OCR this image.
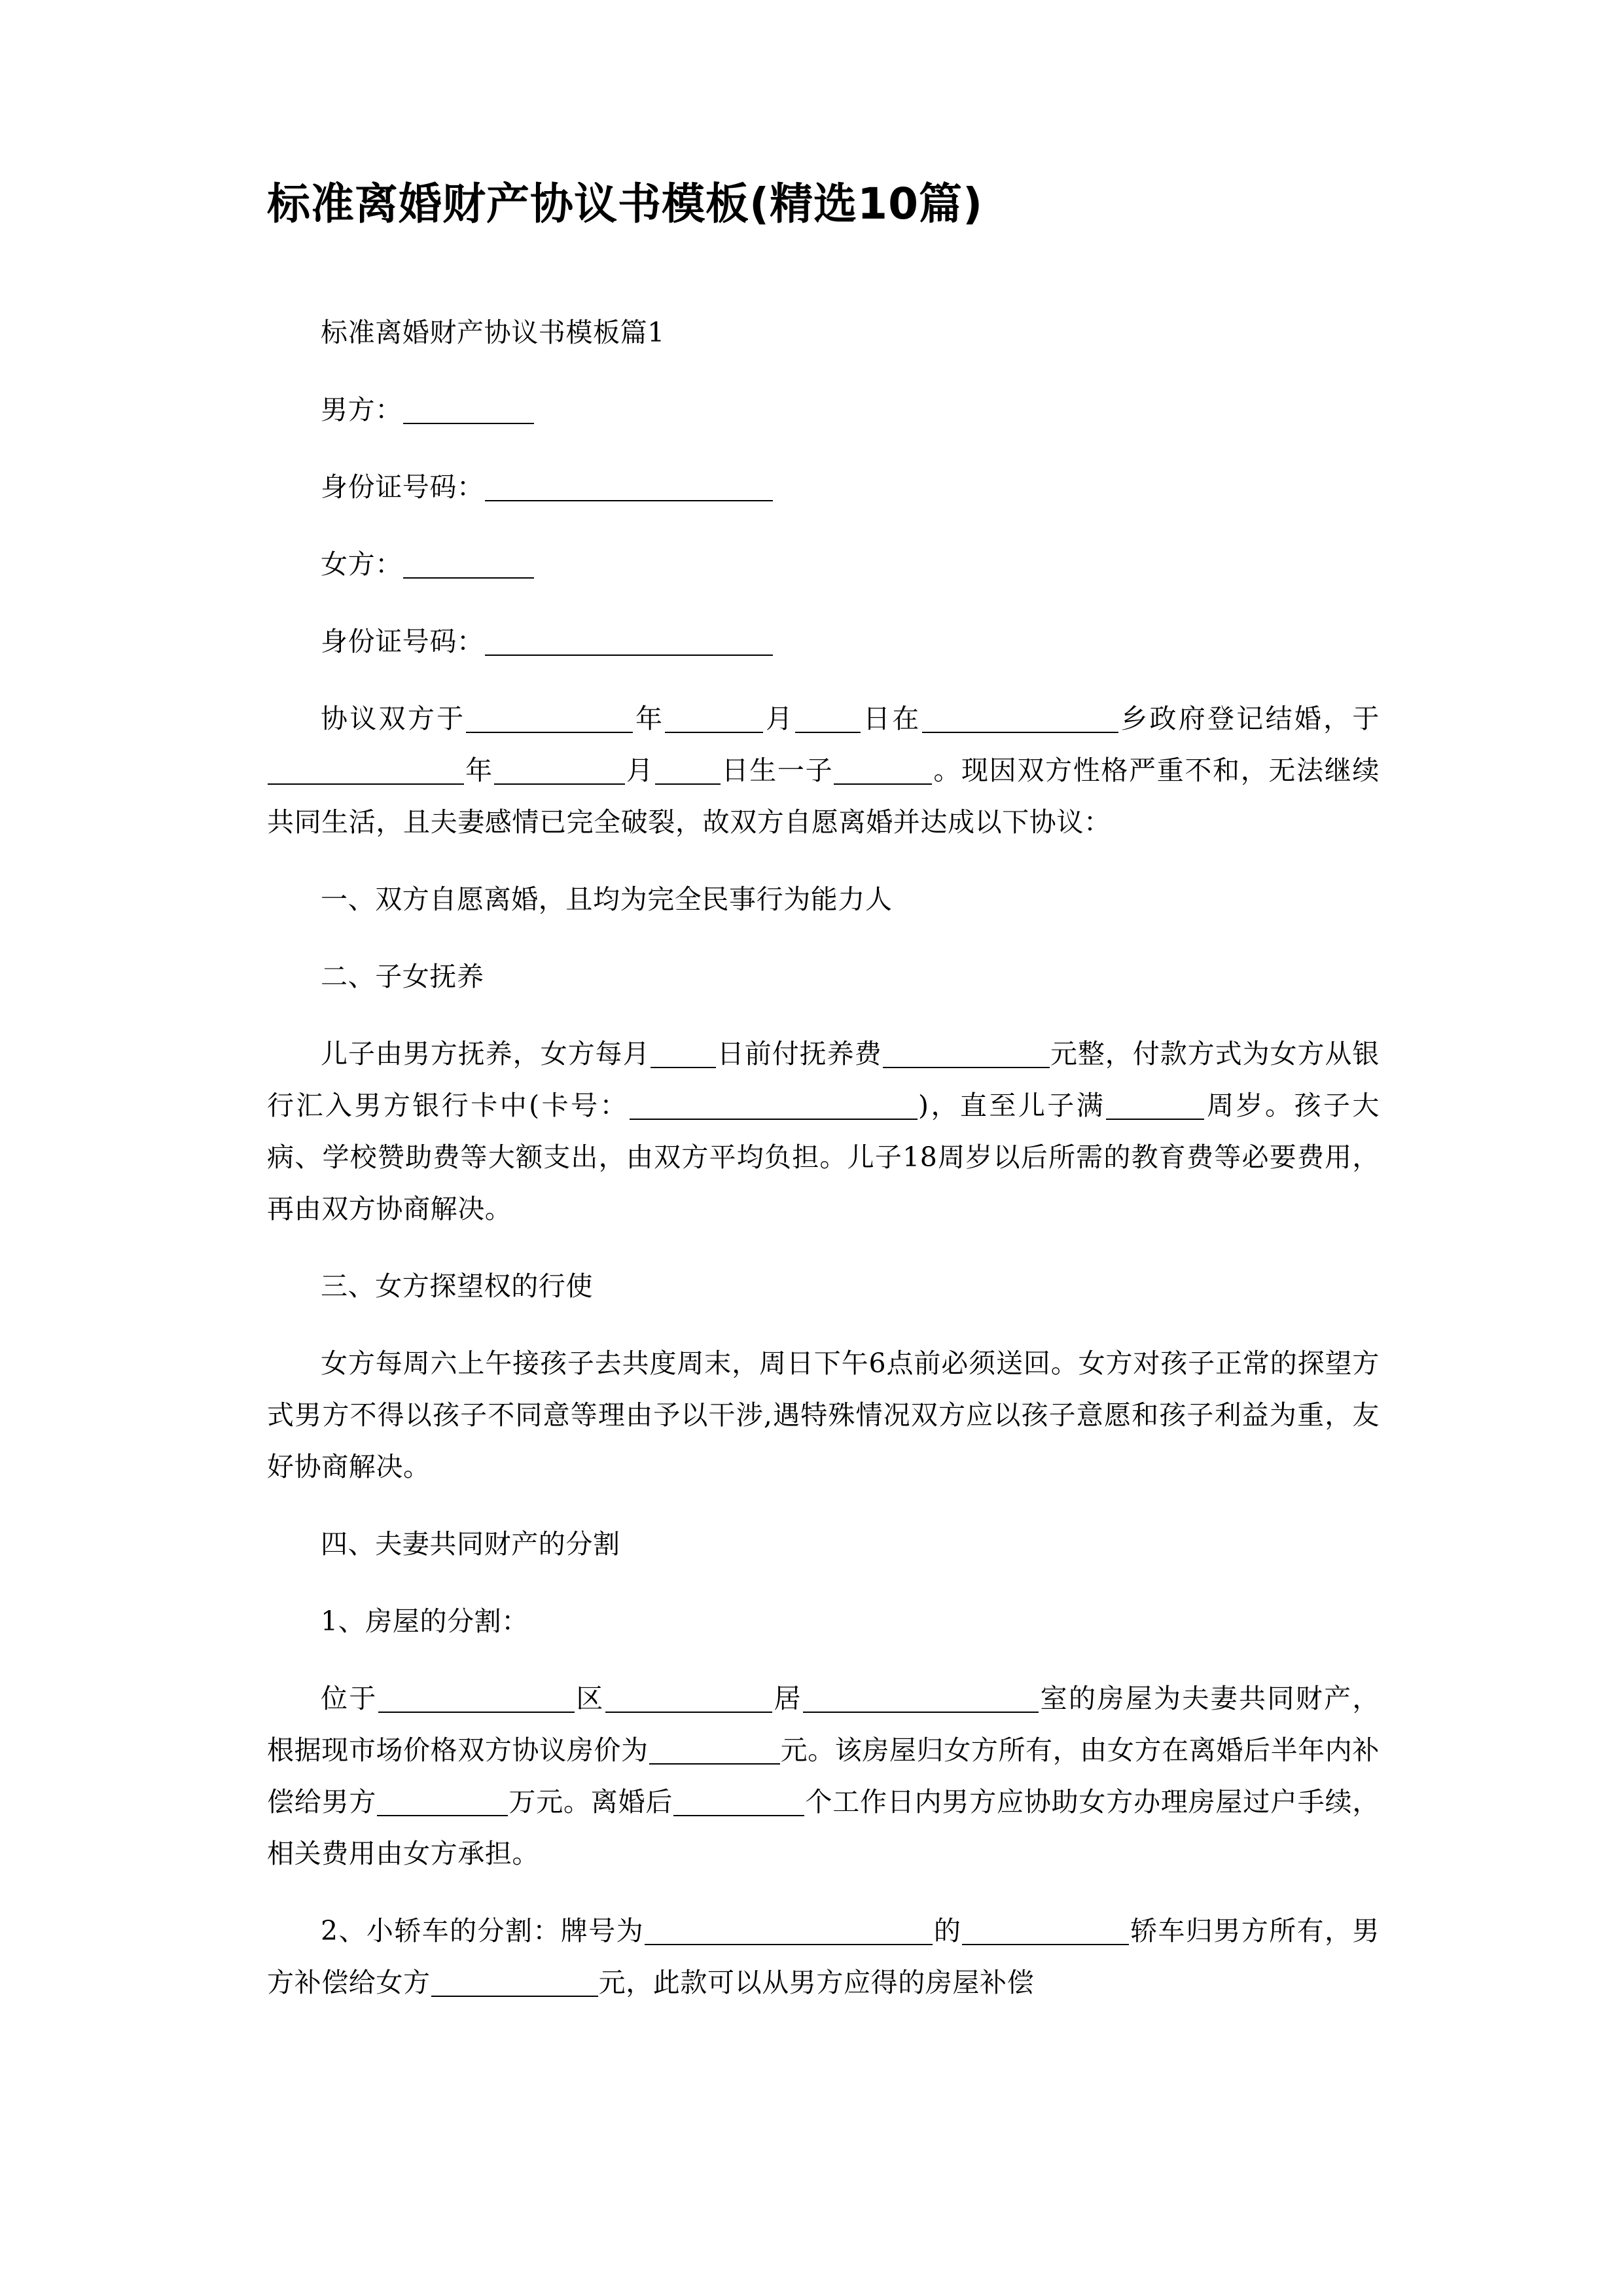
标准离婚财产协议书模板(精选10篇)

标准离婚财产协议书模板篇1

男方：

身份证号码：

女方：

身份证号码：

协议双方于	年	月 日在	乡政府登记结婚，于年	月 日生一子	。现因双方性格严重不和，无法继续共同生活，且夫妻感情已完全破裂，故双方自愿离婚并达成以下协议：

一、双方自愿离婚，且均为完全民事行为能力人

二、子女抚养

儿子由男方抚养，女方每月 日前付抚养费	元整，付款方式为女方从银行汇入男方银行卡中(卡号：	)，直至儿子满	周岁。孩子大病、学校赞助费等大额支出，由双方平均负担。儿子18周岁以后所需的教育费等必要费用，再由双方协商解决。

三、女方探望权的行使

女方每周六上午接孩子去共度周末，周日下午6点前必须送回。女方对孩子正常的探望方式男方不得以孩子不同意等理由予以干涉,遇特殊情况双方应以孩子意愿和孩子利益为重，友好协商解决。

四、夫妻共同财产的分割

1、房屋的分割：

位于	区	居	室的房屋为夫妻共同财产，根据现市场价格双方协议房价为	元。该房屋归女方所有，由女方在离婚后半年内补偿给男方	万元。离婚后	个工作日内男方应协助女方办理房屋过户手续，相关费用由女方承担。

2、小轿车的分割：牌号为	的	轿车归男方所有，男方补偿给女方	元，此款可以从男方应得的房屋补偿
